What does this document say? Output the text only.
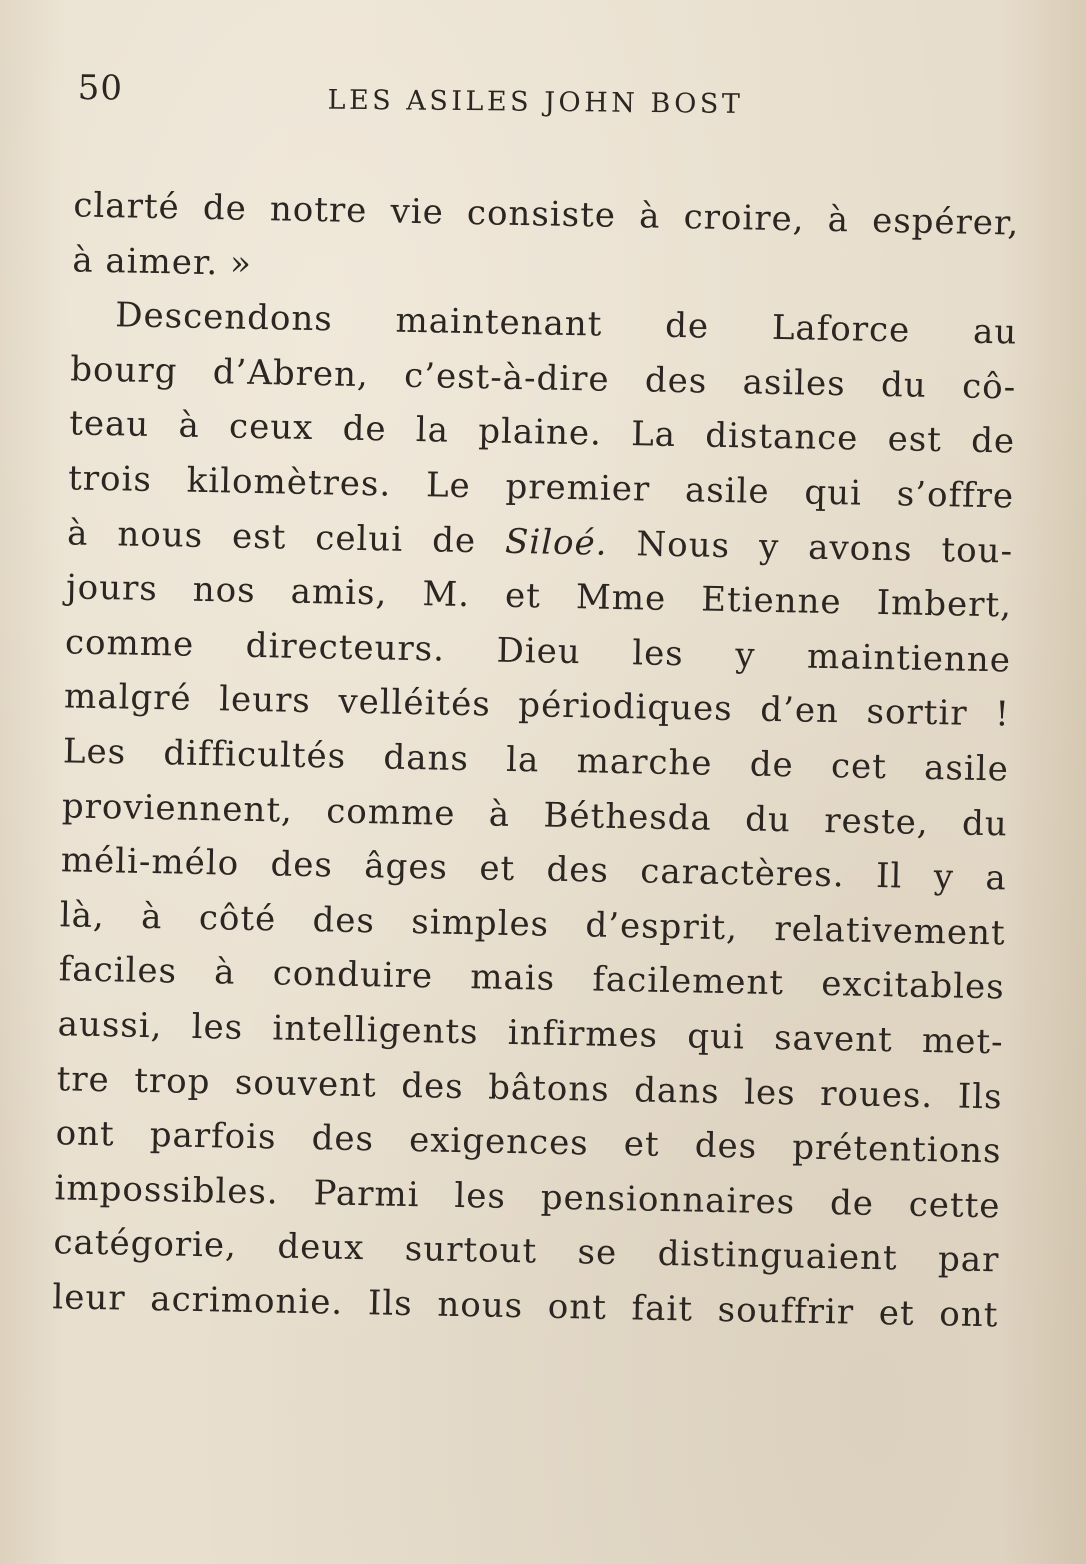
50	LES ASILES JOHN BOST
clarté de notre vie consiste à croire, à espérer,
à aimer. »
Descendons maintenant de Laforce au
bourg d’Abren, c’est-à-dire des asiles du cô-
teau à ceux de la plaine. La distance est de
trois kilomètres. Le premier asile qui s’offre
à nous est celui de Siloé. Nous y avons tou-
jours nos amis, M. et Mme Etienne Imbert,
comme directeurs. Dieu les y maintienne
malgré leurs velléités périodiques d’en sortir !
Les difficultés dans la marche de cet asile
proviennent, comme à Béthesda du reste, du
méli-mélo des âges et des caractères. Il y a
là, à côté des simples d’esprit, relativement
faciles à conduire mais facilement excitables
aussi, les intelligents infirmes qui savent met-
tre trop souvent des bâtons dans les roues. Ils
ont parfois des exigences et des prétentions
impossibles. Parmi les pensionnaires de cette
catégorie, deux surtout se distinguaient par
leur acrimonie. Ils nous ont fait souffrir et ont
